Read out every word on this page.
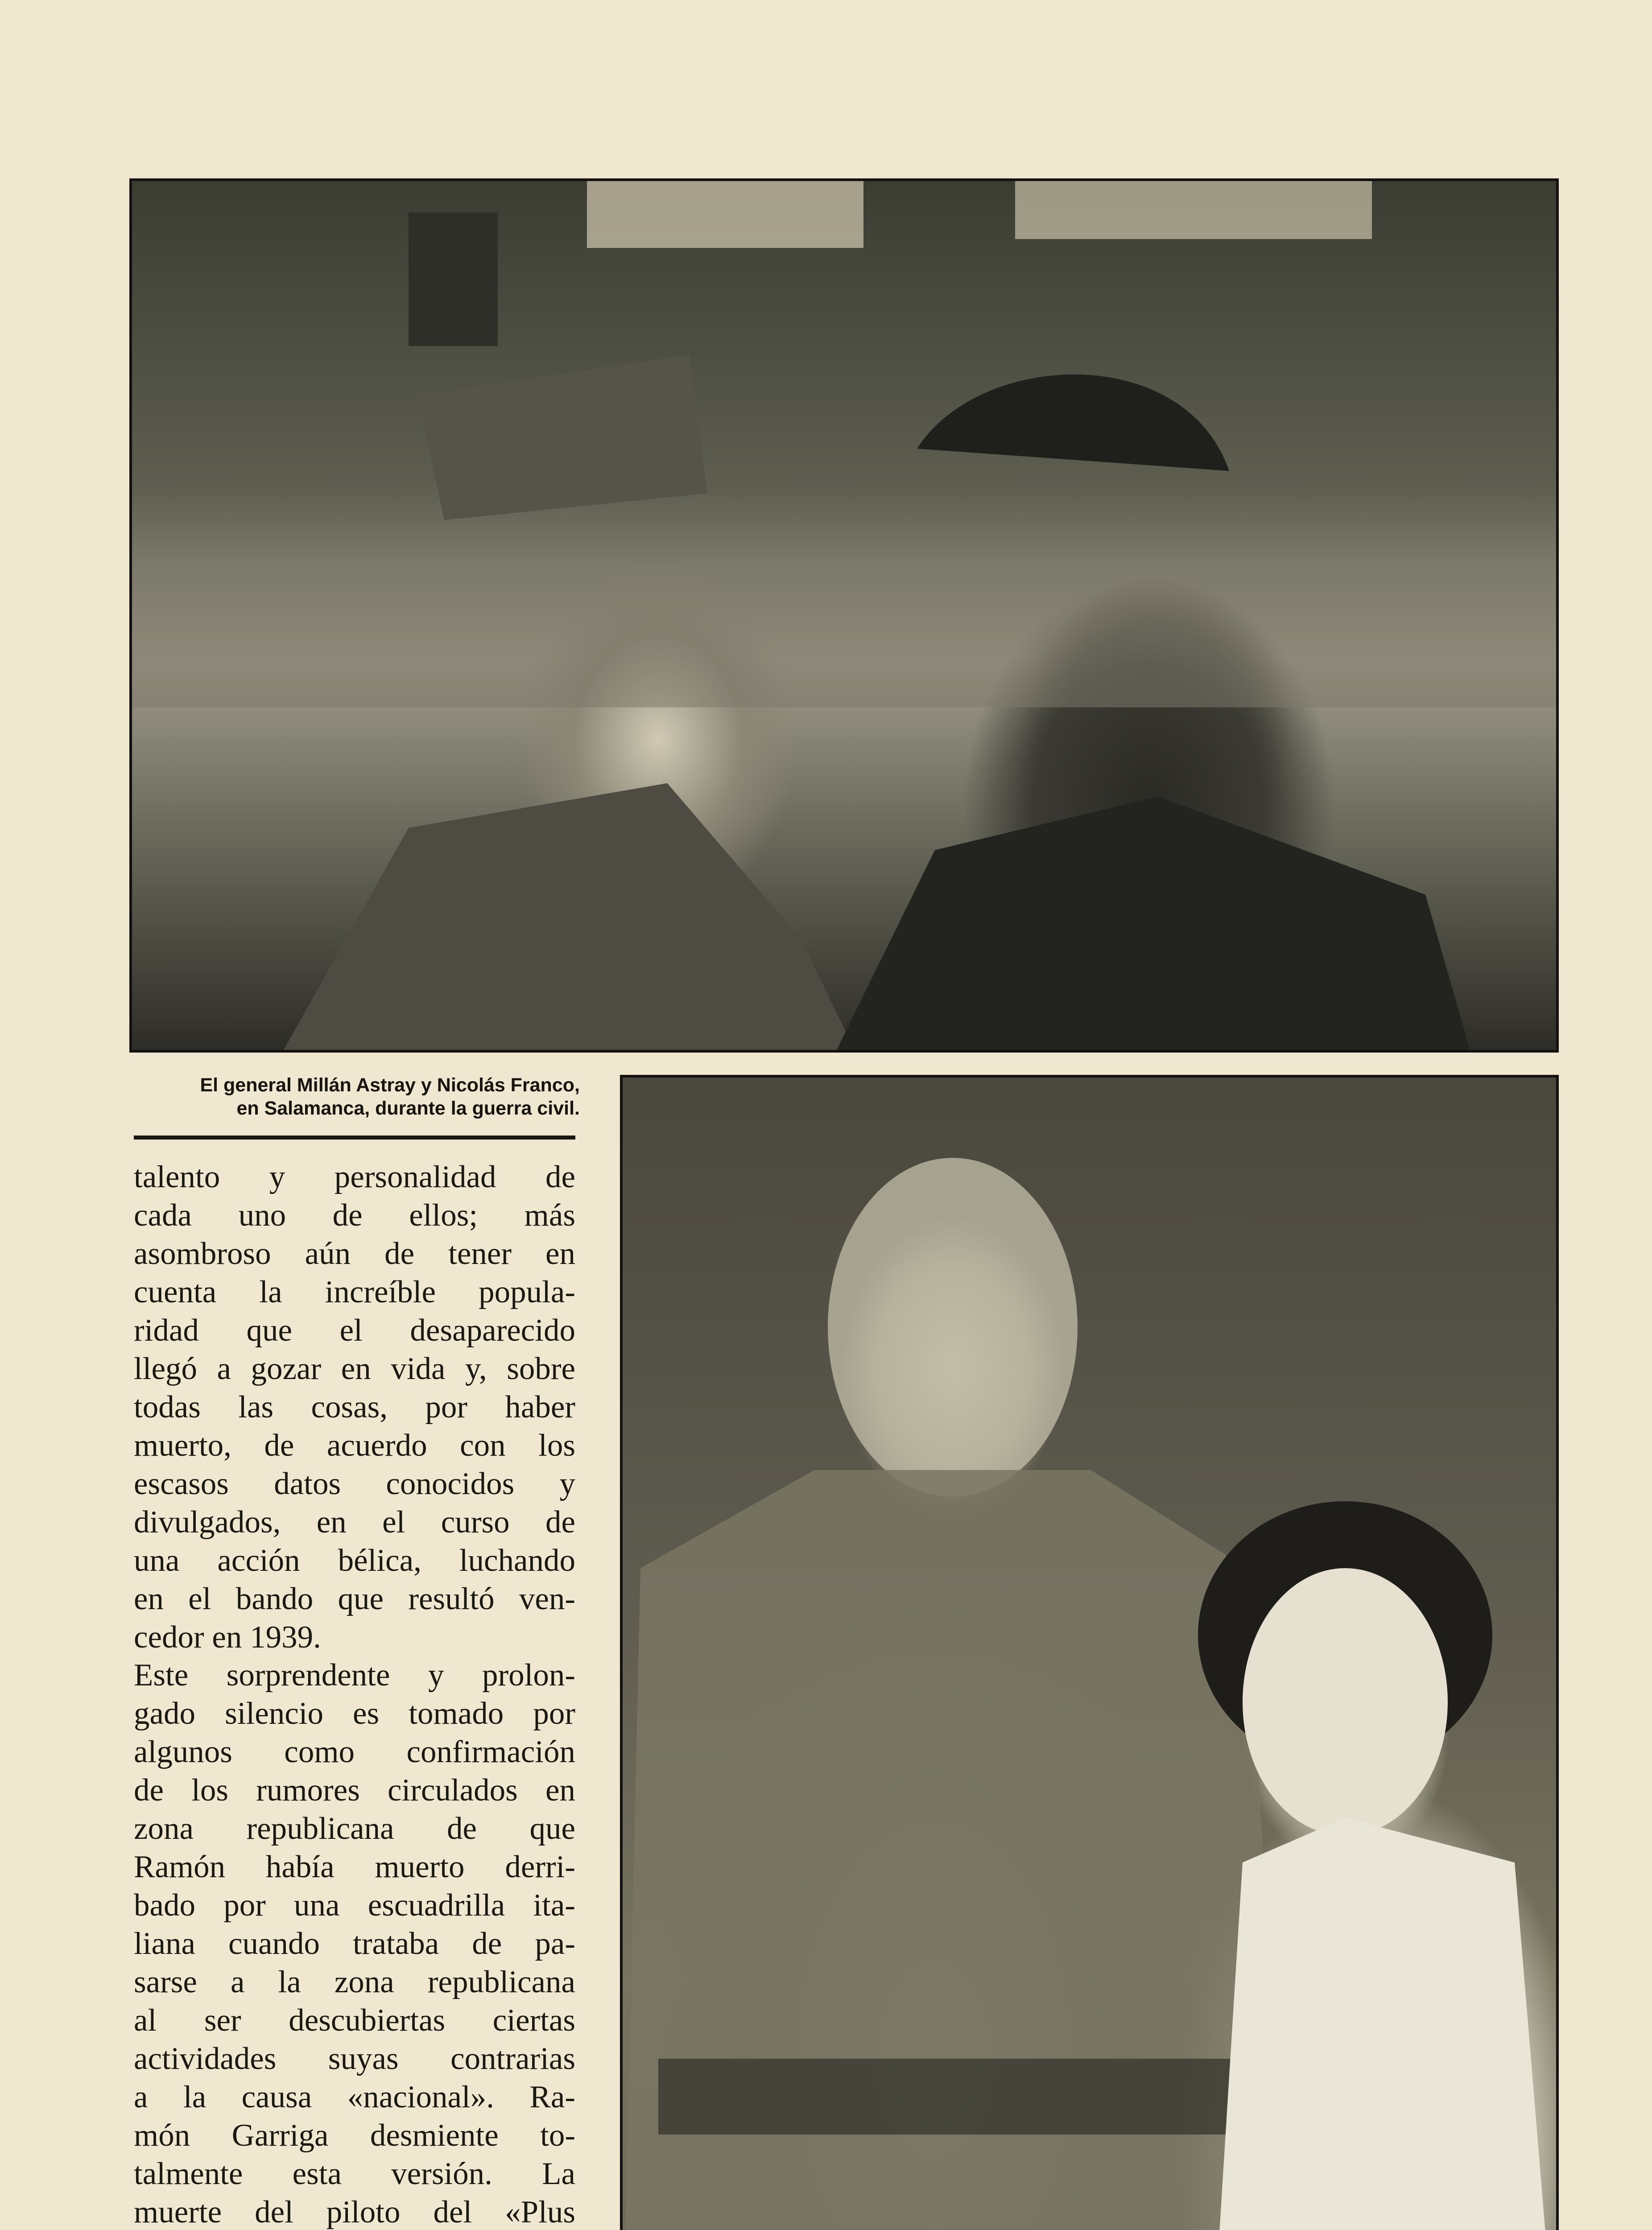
El general Millán Astray y Nicolás Franco,
en Salamanca, durante la guerra civil.
talento y personalidad de
cada uno de ellos; más
asombroso aún de tener en
cuenta la increíble popula-
ridad que el desaparecido
llegó a gozar en vida y, sobre
todas las cosas, por haber
muerto, de acuerdo con los
escasos datos conocidos y
divulgados, en el curso de
una acción bélica, luchando
en el bando que resultó ven-
cedor en 1939.
Este sorprendente y prolon-
gado silencio es tomado por
algunos como confirmación
de los rumores circulados en
zona republicana de que
Ramón había muerto derri-
bado por una escuadrilla ita-
liana cuando trataba de pa-
sarse a la zona republicana
al ser descubiertas ciertas
actividades suyas contrarias
a la causa «nacional». Ra-
món Garriga desmiente to-
talmente esta versión. La
muerte del piloto del «Plus
